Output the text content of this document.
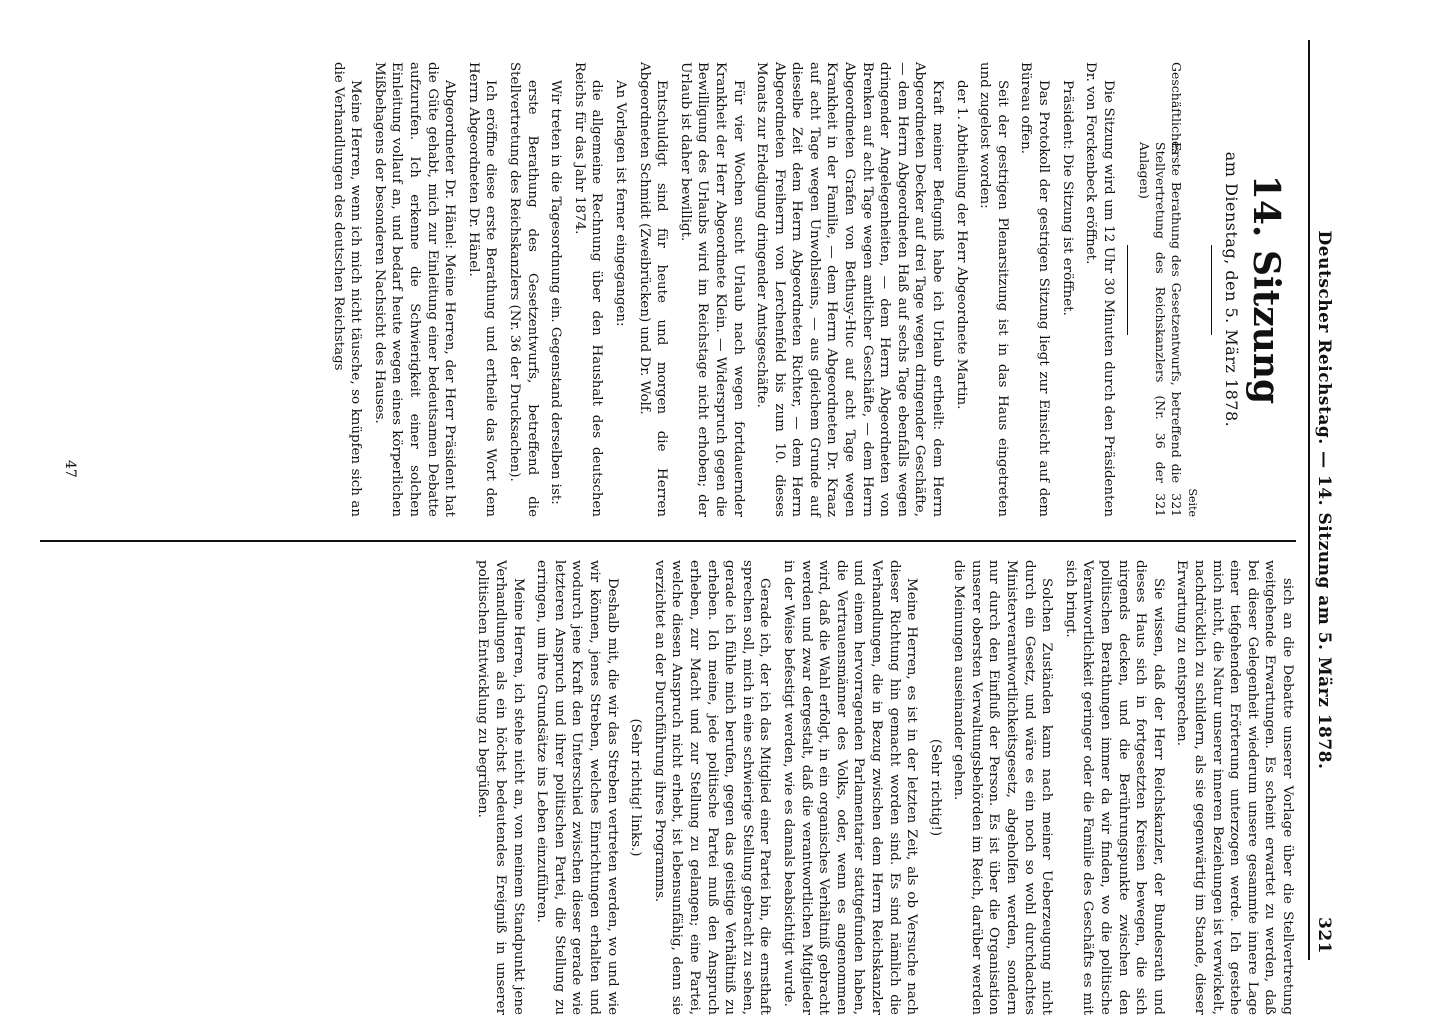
Deutscher Reichstag. — 14. Sitzung am 5. März 1878.
321
14. Sitzung
am Dienstag, den 5. März 1878.
Seite
Geschäftliches
Erste Berathung des Gesetzentwurfs, betreffend die Stellvertretung des Reichskanzlers (Nr. 36 der Anlagen)
321
321

Die Sitzung wird um 12 Uhr 30 Minuten durch den Präsidenten Dr. von Forckenbeck eröffnet.

Präsident: Die Sitzung ist eröffnet.

Das Protokoll der gestrigen Sitzung liegt zur Einsicht auf dem Büreau offen.

Seit der gestrigen Plenarsitzung ist in das Haus eingetreten und zugelost worden:

der 1. Abtheilung der Herr Abgeordnete Martin.

Kraft meiner Befugniß habe ich Urlaub ertheilt: dem Herrn Abgeordneten Decker auf drei Tage wegen dringender Geschäfte, — dem Herrn Abgeordneten Haß auf sechs Tage ebenfalls wegen dringender Angelegenheiten, — dem Herrn Abgeordneten von Brenken auf acht Tage wegen amtlicher Geschäfte, — dem Herrn Abgeordneten Grafen von Bethusy-Huc auf acht Tage wegen Krankheit in der Familie, — dem Herrn Abgeordneten Dr. Kraaz auf acht Tage wegen Unwohlseins, — aus gleichem Grunde auf dieselbe Zeit dem Herrn Abgeordneten Richter, — dem Herrn Abgeordneten Freiherrn von Lerchenfeld bis zum 10. dieses Monats zur Erledigung dringender Amtsgeschäfte.

Für vier Wochen sucht Urlaub nach wegen fortdauernder Krankheit der Herr Abgeordnete Klein. — Widerspruch gegen die Bewilligung des Urlaubs wird im Reichstage nicht erhoben; der Urlaub ist daher bewilligt.

Entschuldigt sind für heute und morgen die Herren Abgeordneten Schmidt (Zweibrücken) und Dr. Wolf.

An Vorlagen ist ferner eingegangen:

die allgemeine Rechnung über den Haushalt des deutschen Reichs für das Jahr 1874.

Wir treten in die Tagesordnung ein. Gegenstand derselben ist:

erste Berathung des Gesetzentwurfs, betreffend die Stellvertretung des Reichskanzlers (Nr. 36 der Drucksachen).

Ich eröffne diese erste Berathung und ertheile das Wort dem Herrn Abgeordneten Dr. Hänel.

Abgeordneter Dr. Hänel: Meine Herren, der Herr Präsident hat die Güte gehabt, mich zur Einleitung einer bedeutsamen Debatte aufzurufen. Ich erkenne die Schwierigkeit einer solchen Einleitung vollauf an, und bedarf heute wegen eines körperlichen Mißbehagens der besonderen Nachsicht des Hauses.

Meine Herren, wenn ich mich nicht täusche, so knüpfen sich an die Verhandlungen des deutschen Reichstags

sich an die Debatte unserer Vorlage über die Stellvertretung weitgehende Erwartungen. Es scheint erwartet zu werden, daß bei dieser Gelegenheit wiederum unsere gesammte innere Lage einer tiefgehenden Erörterung unterzogen werde. Ich gestehe mich nicht, die Natur unserer inneren Beziehungen ist verwickelt, nachdrücklich zu schildern, als sie gegenwärtig im Stande, dieser Erwartung zu entsprechen.

Sie wissen, daß der Herr Reichskanzler, der Bundesrath und dieses Haus sich in fortgesetzten Kreisen bewegen, die sich nirgends decken, und die Berührungspunkte zwischen den politischen Berathungen immer da wir finden, wo die politische Verantwortlichkeit geringer oder die Familie des Geschäfts es mit sich bringt.

Solchen Zuständen kann nach meiner Ueberzeugung nicht durch ein Gesetz, und wäre es ein noch so wohl durchdachtes Ministerverantwortlichkeitsgesetz, abgeholfen werden, sondern nur durch den Einfluß der Person. Es ist über die Organisation unserer obersten Verwaltungsbehörden im Reich, darüber werden die Meinungen auseinander gehen.

(Sehr richtig!)

Meine Herren, es ist in der letzten Zeit, als ob Versuche nach dieser Richtung hin gemacht worden sind. Es sind nämlich die Verhandlungen, die in Bezug zwischen dem Herrn Reichskanzler und einem hervorragenden Parlamentarier stattgefunden haben, die Vertrauensmänner des Volks, oder, wenn es angenommen wird, daß die Wahl erfolgt, in ein organisches Verhältniß gebracht werden und zwar dergestalt, daß die verantwortlichen Mitglieder in der Weise befestigt werden, wie es damals beabsichtigt wurde.

Gerade ich, der ich das Mitglied einer Partei bin, die ernsthaft sprechen soll, mich in eine schwierige Stellung gebracht zu sehen, gerade ich fühle mich berufen, gegen das geistige Verhältniß zu erheben. Ich meine, jede politische Partei muß den Anspruch erheben, zur Macht und zur Stellung zu gelangen; eine Partei, welche diesen Anspruch nicht erhebt, ist lebensunfähig, denn sie verzichtet an der Durchführung ihres Programms.

(Sehr richtig! links.)

Deshalb mit, die wir das Streben vertreten werden, wo und wie wir können, jenes Streben, welches Einrichtungen erhalten und wodurch jene Kraft den Unterschied zwischen dieser gerade wie letzteren Anspruch und ihrer politischen Partei, die Stellung zu erringen, um ihre Grundsätze ins Leben einzuführen.

Meine Herren, ich stehe nicht an, von meinem Standpunkt jene Verhandlungen als ein höchst bedeutendes Ereigniß in unserer politischen Entwicklung zu begrüßen.

47
